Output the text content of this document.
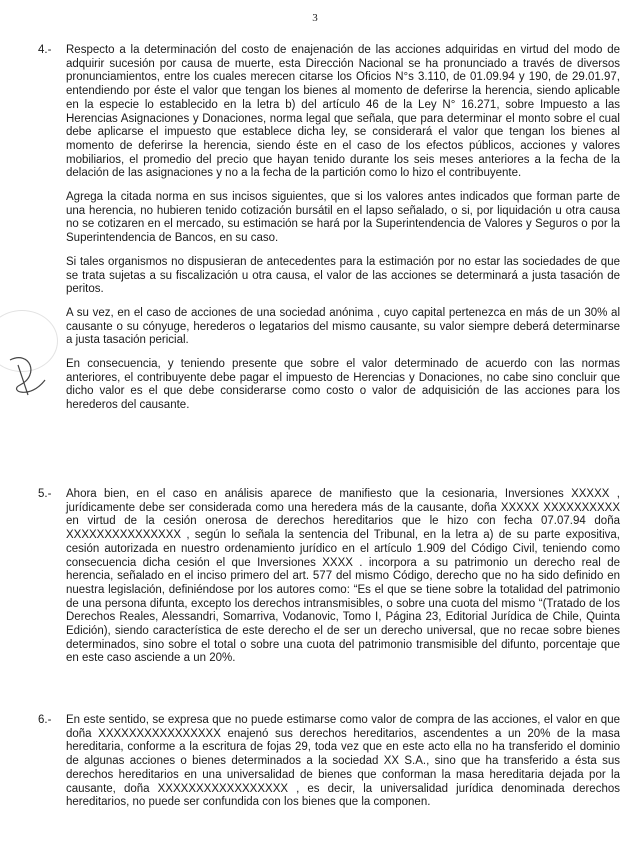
3
4.- Respecto a la determinación del costo de enajenación de las acciones adquiridas en virtud del modo de adquirir sucesión por causa de muerte, esta Dirección Nacional se ha pronunciado a través de diversos pronunciamientos, entre los cuales merecen citarse los Oficios N°s 3.110, de 01.09.94 y 190, de 29.01.97, entendiendo por éste el valor que tengan los bienes al momento de deferirse la herencia, siendo aplicable en la especie lo establecido en la letra b) del artículo 46 de la Ley N° 16.271, sobre Impuesto a las Herencias Asignaciones y Donaciones, norma legal que señala, que para determinar el monto sobre el cual debe aplicarse el impuesto que establece dicha ley, se considerará el valor que tengan los bienes al momento de deferirse la herencia, siendo éste en el caso de los efectos públicos, acciones y valores mobiliarios, el promedio del precio que hayan tenido durante los seis meses anteriores a la fecha de la delación de las asignaciones y no a la fecha de la partición como lo hizo el contribuyente.

Agrega la citada norma en sus incisos siguientes, que si los valores antes indicados que forman parte de una herencia, no hubieren tenido cotización bursátil en el lapso señalado, o si, por liquidación u otra causa no se cotizaren en el mercado, su estimación se hará por la Superintendencia de Valores y Seguros o por la Superintendencia de Bancos, en su caso.

Si tales organismos no dispusieran de antecedentes para la estimación por no estar las sociedades de que se trata sujetas a su fiscalización u otra causa, el valor de las acciones se determinará a justa tasación de peritos.

A su vez, en el caso de acciones de una sociedad anónima , cuyo capital pertenezca en más de un 30% al causante o su cónyuge, herederos o legatarios del mismo causante, su valor siempre deberá determinarse a justa tasación pericial.

En consecuencia, y teniendo presente que sobre el valor determinado de acuerdo con las normas anteriores, el contribuyente debe pagar el impuesto de Herencias y Donaciones, no cabe sino concluir que dicho valor es el que debe considerarse como costo o valor de adquisición de las acciones para los herederos del causante.

5.- Ahora bien, en el caso en análisis aparece de manifiesto que la cesionaria, Inversiones XXXXX , jurídicamente debe ser considerada como una heredera más de la causante, doña XXXXX XXXXXXXXXX en virtud de la cesión onerosa de derechos hereditarios que le hizo con fecha 07.07.94 doña XXXXXXXXXXXXXXX , según lo señala la sentencia del Tribunal, en la letra a) de su parte expositiva, cesión autorizada en nuestro ordenamiento jurídico en el artículo 1.909 del Código Civil, teniendo como consecuencia dicha cesión el que Inversiones XXXX . incorpora a su patrimonio un derecho real de herencia, señalado en el inciso primero del art. 577 del mismo Código, derecho que no ha sido definido en nuestra legislación, definiéndose por los autores como: “Es el que se tiene sobre la totalidad del patrimonio de una persona difunta, excepto los derechos intransmisibles, o sobre una cuota del mismo “(Tratado de los Derechos Reales, Alessandri, Somarriva, Vodanovic, Tomo I, Página 23, Editorial Jurídica de Chile, Quinta Edición), siendo característica de este derecho el de ser un derecho universal, que no recae sobre bienes determinados, sino sobre el total o sobre una cuota del patrimonio transmisible del difunto, porcentaje que en este caso asciende a un 20%.

6.- En este sentido, se expresa que no puede estimarse como valor de compra de las acciones, el valor en que doña XXXXXXXXXXXXXXXX enajenó sus derechos hereditarios, ascendentes a un 20% de la masa hereditaria, conforme a la escritura de fojas 29, toda vez que en este acto ella no ha transferido el dominio de algunas acciones o bienes determinados a la sociedad XX S.A., sino que ha transferido a ésta sus derechos hereditarios en una universalidad de bienes que conforman la masa hereditaria dejada por la causante, doña XXXXXXXXXXXXXXXXX , es decir, la universalidad jurídica denominada derechos hereditarios, no puede ser confundida con los bienes que la componen.
